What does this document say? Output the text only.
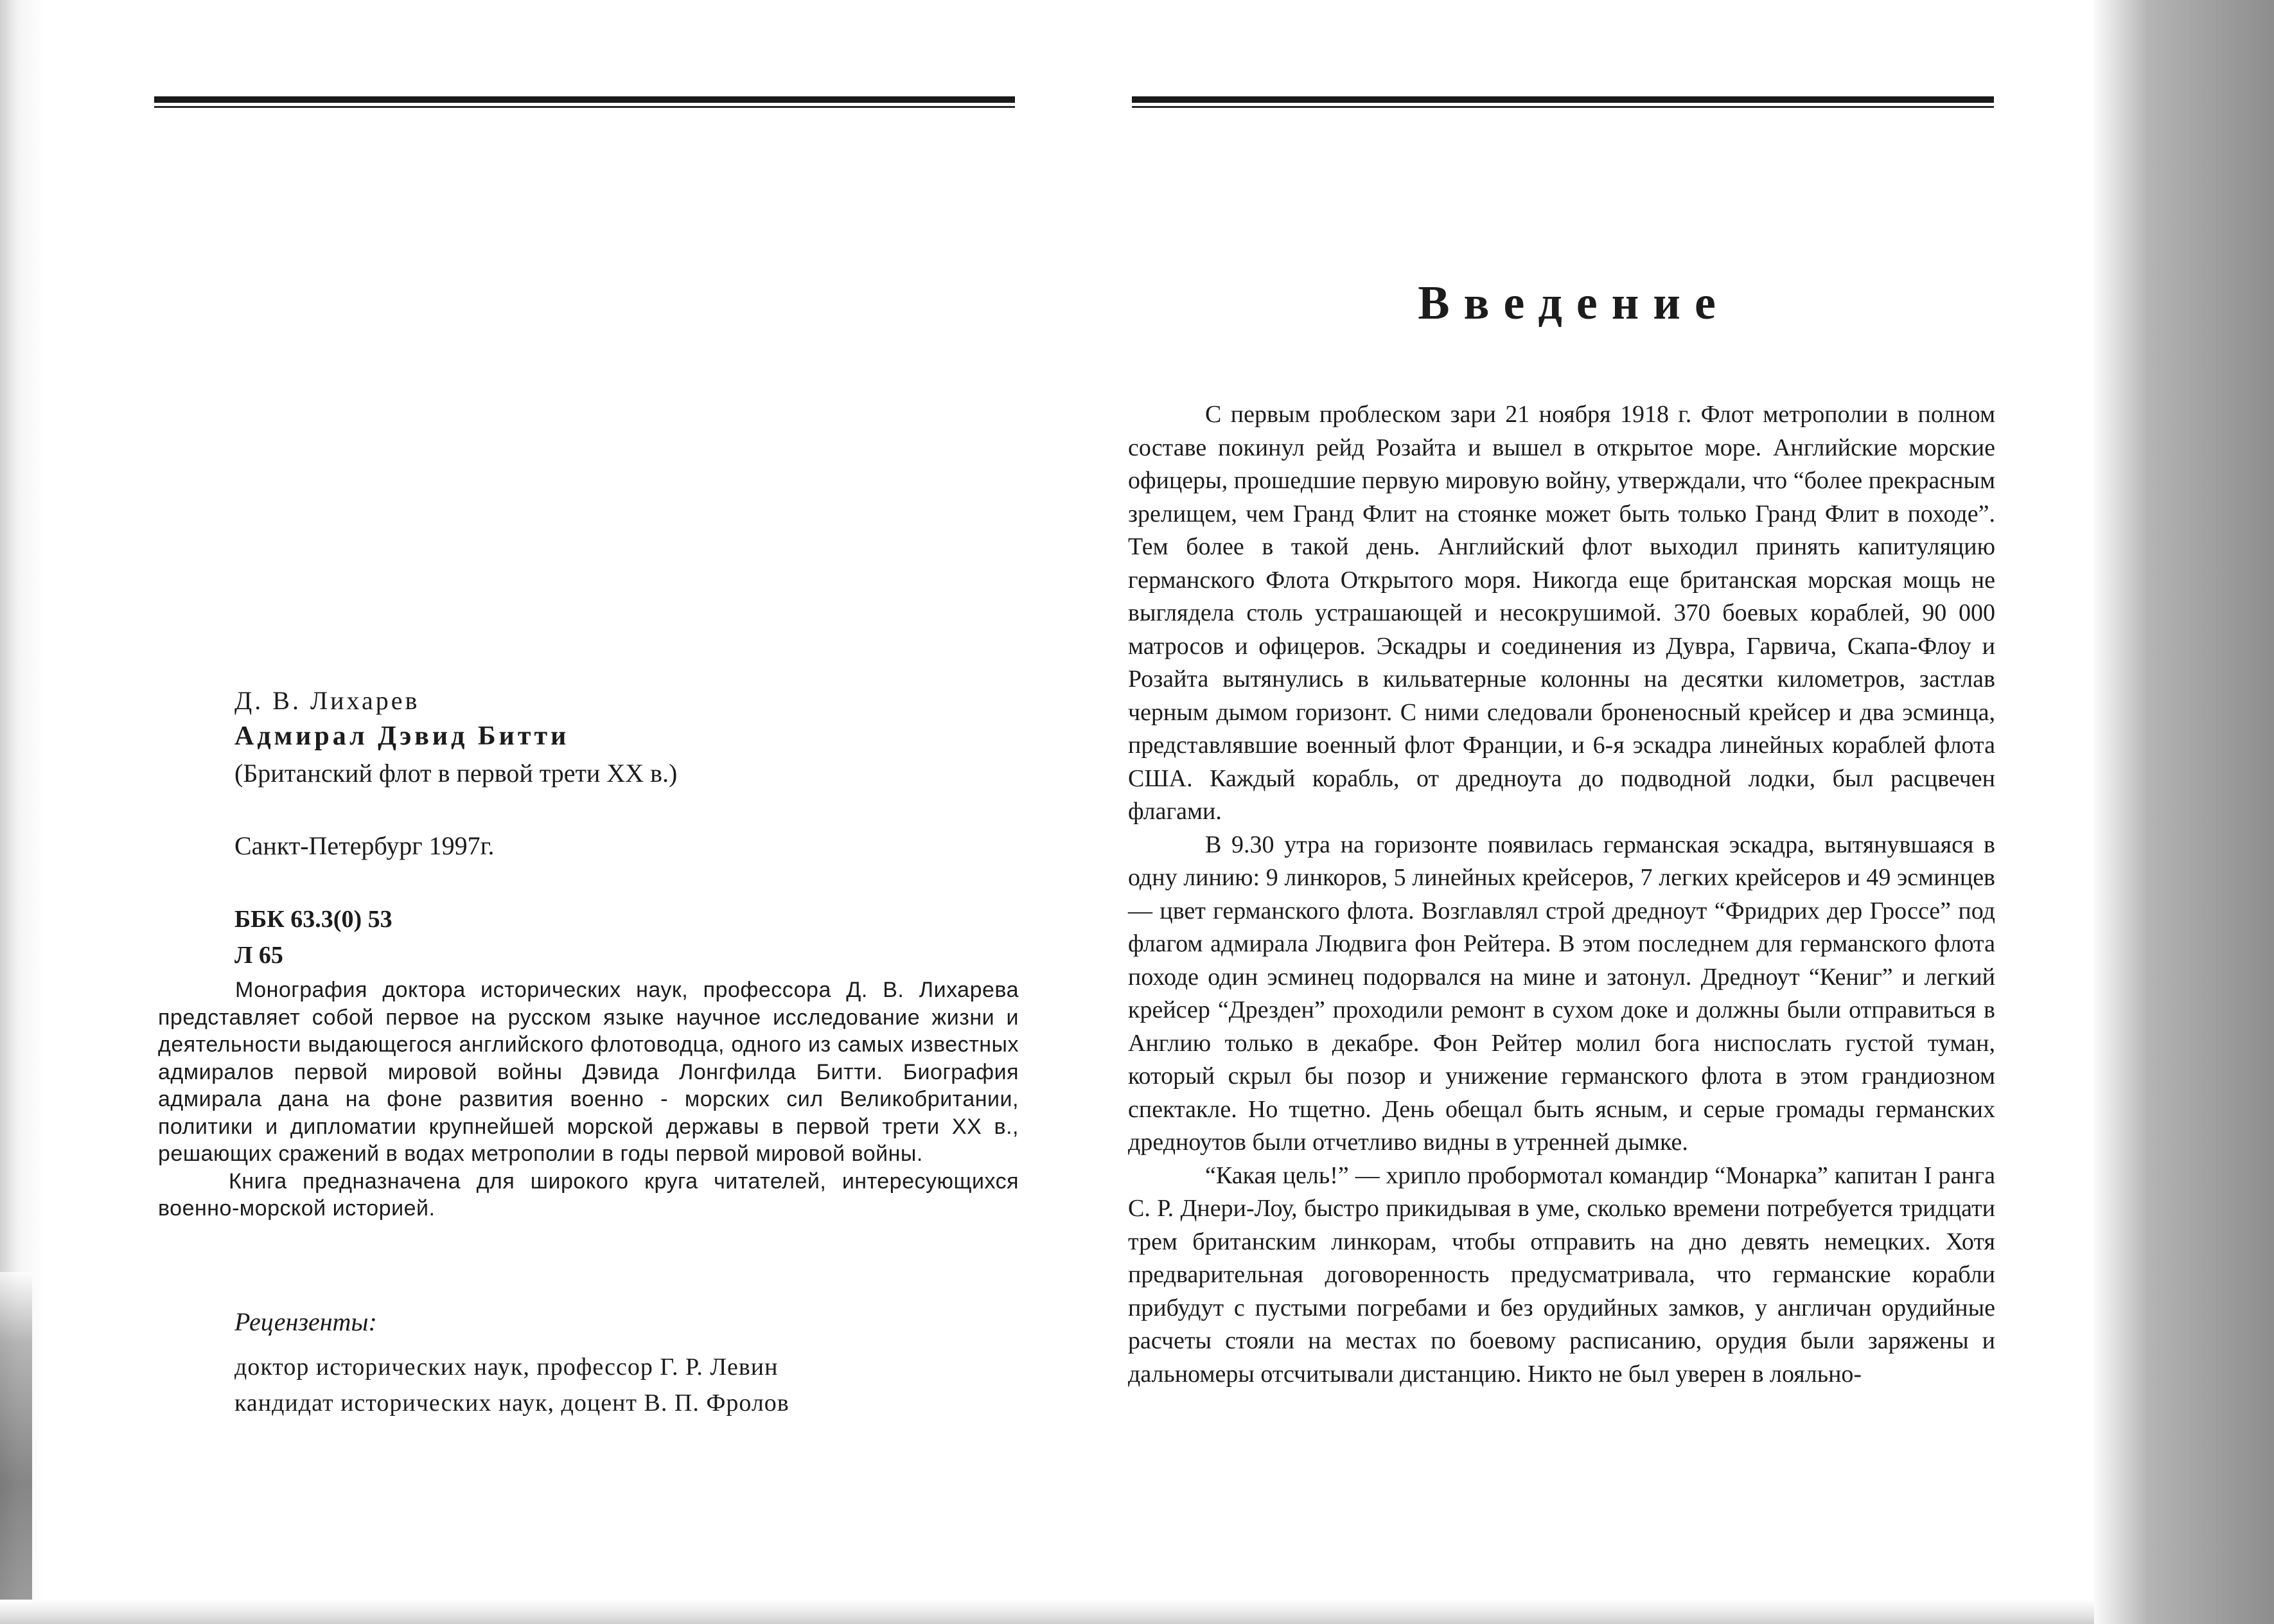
Д. В. Лихарев

Адмирал Дэвид Битти

(Британский флот в первой трети XX в.)

Санкт-Петербург 1997г.

ББК 63.3(0) 53

Л 65

Монография доктора исторических наук, профессора Д. В. Лихарева представляет собой первое на русском языке научное исследование жизни и деятельности выдающегося английского флотоводца, одного из самых известных адмиралов первой мировой войны Дэвида Лонгфилда Битти. Биография адмирала дана на фоне развития военно - морских сил Великобритании, политики и дипломатии крупнейшей морской державы в первой трети XX в., решающих сражений в водах метрополии в годы первой мировой войны.

Книга предназначена для широкого круга читателей, интересующихся военно-морской историей.

Рецензенты:

доктор исторических наук, профессор Г. Р. Левин

кандидат исторических наук, доцент В. П. Фролов

Введение

С первым проблеском зари 21 ноября 1918 г. Флот метрополии в полном составе покинул рейд Розайта и вышел в открытое море. Английские морские офицеры, прошедшие первую мировую войну, утверждали, что “более прекрасным зрелищем, чем Гранд Флит на стоянке может быть только Гранд Флит в походе”. Тем более в такой день. Английский флот выходил принять капитуляцию германского Флота Открытого моря. Никогда еще британская морская мощь не выглядела столь устрашающей и несокрушимой. 370 боевых кораблей, 90 000 матросов и офицеров. Эскадры и соединения из Дувра, Гарвича, Скапа-Флоу и Розайта вытянулись в кильватерные колонны на десятки километров, застлав черным дымом горизонт. С ними следовали броненосный крейсер и два эсминца, представлявшие военный флот Франции, и 6-я эскадра линейных кораблей флота США. Каждый корабль, от дредноута до подводной лодки, был расцвечен флагами.

В 9.30 утра на горизонте появилась германская эскадра, вытянувшаяся в одну линию: 9 линкоров, 5 линейных крейсеров, 7 легких крейсеров и 49 эсминцев — цвет германского флота. Возглавлял строй дредноут “Фридрих дер Гроссе” под флагом адмирала Людвига фон Рейтера. В этом последнем для германского флота походе один эсминец подорвался на мине и затонул. Дредноут “Кениг” и легкий крейсер “Дрезден” проходили ремонт в сухом доке и должны были отправиться в Англию только в декабре. Фон Рейтер молил бога ниспослать густой туман, который скрыл бы позор и унижение германского флота в этом грандиозном спектакле. Но тщетно. День обещал быть ясным, и серые громады германских дредноутов были отчетливо видны в утренней дымке.

“Какая цель!” — хрипло пробормотал командир “Монарка” капитан I ранга С. Р. Днери-Лоу, быстро прикидывая в уме, сколько времени потребуется тридцати трем британским линкорам, чтобы отправить на дно девять немецких. Хотя предварительная договоренность предусматривала, что германские корабли прибудут с пустыми погребами и без орудийных замков, у англичан орудийные расчеты стояли на местах по боевому расписанию, орудия были заряжены и дальномеры отсчитывали дистанцию. Никто не был уверен в лояльно-
